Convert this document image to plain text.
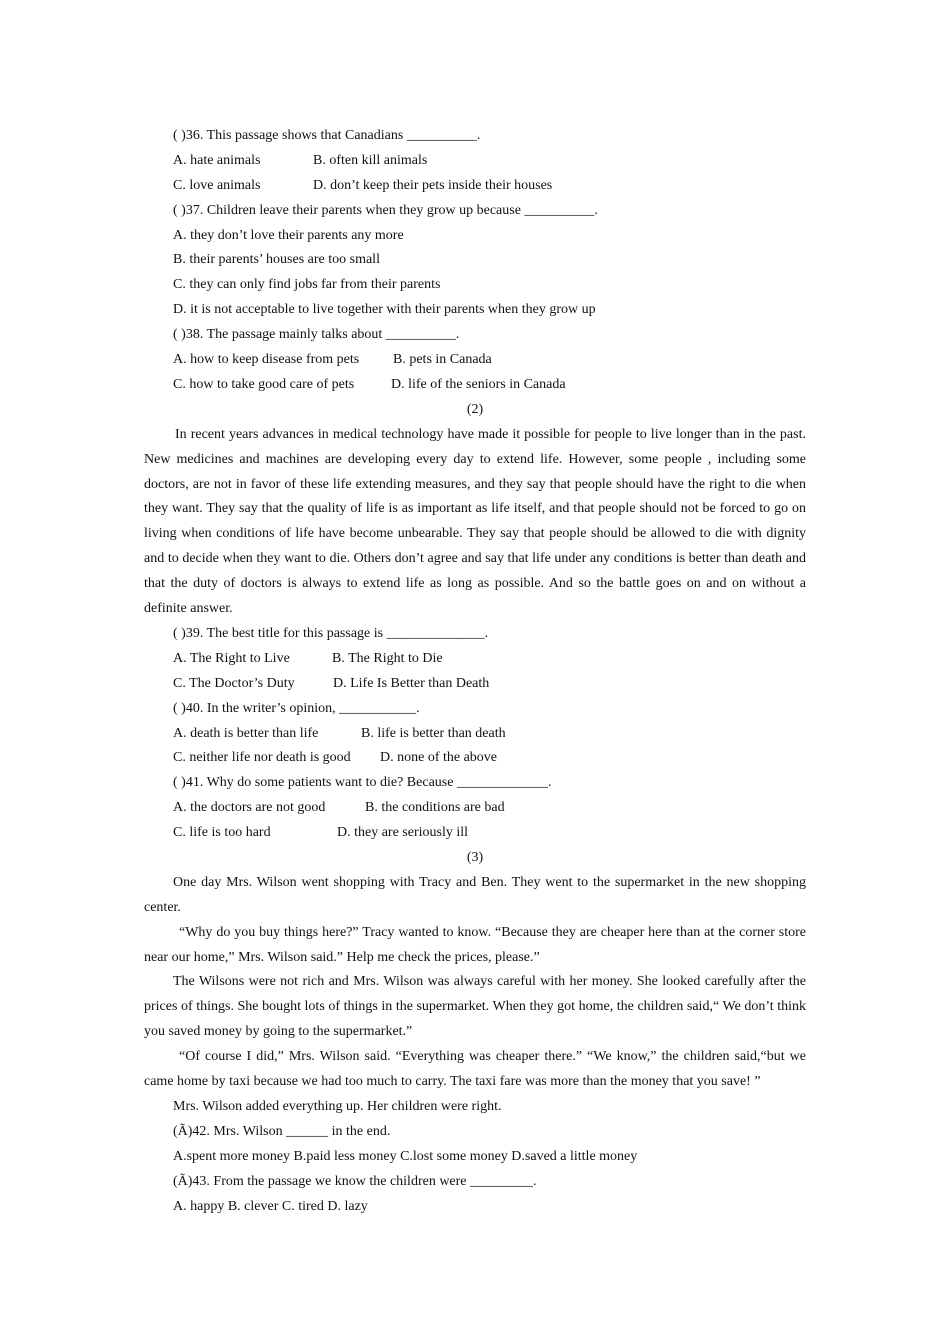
( )36. This passage shows that Canadians __________.
A. hate animals	B. often kill animals
C. love animals	D. don’t keep their pets inside their houses
( )37. Children leave their parents when they grow up because __________.
A. they don’t love their parents any more
B. their parents’ houses are too small
C. they can only find jobs far from their parents
D. it is not acceptable to live together with their parents when they grow up
( )38. The passage mainly talks about __________.
A. how to keep disease from pets B. pets in Canada
C. how to take good care of pets	D. life of the seniors in Canada
(2)
In recent years advances in medical technology have made it possible for people to live longer than in the past. New medicines and machines are developing every day to extend life. However, some people , including some doctors, are not in favor of these life extending measures, and they say that people should have the right to die when they want. They say that the quality of life is as important as life itself, and that people should not be forced to go on living when conditions of life have become unbearable. They say that people should be allowed to die with dignity and to decide when they want to die. Others don’t agree and say that life under any conditions is better than death and that the duty of doctors is always to extend life as long as possible. And so the battle goes on and on without a definite answer.
( )39. The best title for this passage is ______________.
A. The Right to Live	B. The Right to Die
C. The Doctor’s Duty	D. Life Is Better than Death
( )40. In the writer’s opinion, ___________.
A. death is better than life	B. life is better than death
C. neither life nor death is good D. none of the above
( )41. Why do some patients want to die? Because _____________.
A. the doctors are not good	B. the conditions are bad
C. life is too hard	D. they are seriously ill
(3)
One day Mrs. Wilson went shopping with Tracy and Ben. They went to the supermarket in the new shopping center.
“Why do you buy things here?” Tracy wanted to know. “Because they are cheaper here than at the corner store near our home,” Mrs. Wilson said.” Help me check the prices, please.”
The Wilsons were not rich and Mrs. Wilson was always careful with her money. She looked carefully after the prices of things. She bought lots of things in the supermarket. When they got home, the children said,“ We don’t think you saved money by going to the supermarket.”
“Of course I did,” Mrs. Wilson said. “Everything was cheaper there.” “We know,” the children said,“but we came home by taxi because we had too much to carry. The taxi fare was more than the money that you save! ”
Mrs. Wilson added everything up. Her children were right.
(Ã)42. Mrs. Wilson ______ in the end.
A.spent more money B.paid less money C.lost some money D.saved a little money
(Ã)43. From the passage we know the children were _________.
A. happy B. clever C. tired D. lazy
